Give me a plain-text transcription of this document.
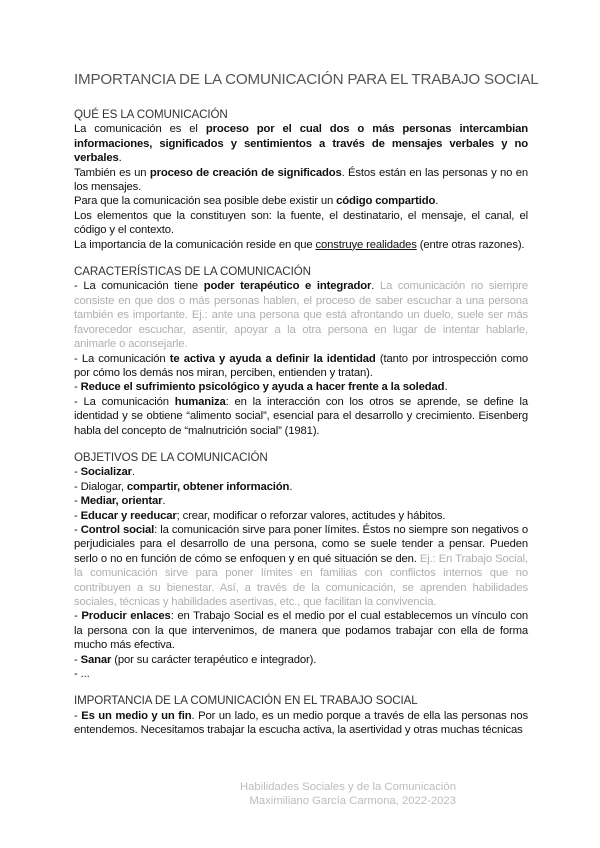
IMPORTANCIA DE LA COMUNICACIÓN PARA EL TRABAJO SOCIAL

QUÉ ES LA COMUNICACIÓN

La comunicación es el proceso por el cual dos o más personas intercambian informaciones, significados y sentimientos a través de mensajes verbales y no verbales.

También es un proceso de creación de significados. Éstos están en las personas y no en los mensajes.

Para que la comunicación sea posible debe existir un código compartido.

Los elementos que la constituyen son: la fuente, el destinatario, el mensaje, el canal, el código y el contexto.

La importancia de la comunicación reside en que construye realidades (entre otras razones).

CARACTERÍSTICAS DE LA COMUNICACIÓN

- La comunicación tiene poder terapéutico e integrador. La comunicación no siempre consiste en que dos o más personas hablen, el proceso de saber escuchar a una persona también es importante. Ej.: ante una persona que está afrontando un duelo, suele ser más favorecedor escuchar, asentir, apoyar a la otra persona en lugar de intentar hablarle, animarle o aconsejarle.

- La comunicación te activa y ayuda a definir la identidad (tanto por introspección como por cómo los demás nos miran, perciben, entienden y tratan).

- Reduce el sufrimiento psicológico y ayuda a hacer frente a la soledad.

- La comunicación humaniza: en la interacción con los otros se aprende, se define la identidad y se obtiene “alimento social”, esencial para el desarrollo y crecimiento. Eisenberg habla del concepto de “malnutrición social” (1981).

OBJETIVOS DE LA COMUNICACIÓN

- Socializar.

- Dialogar, compartir, obtener información.

- Mediar, orientar.

- Educar y reeducar; crear, modificar o reforzar valores, actitudes y hábitos.

- Control social: la comunicación sirve para poner límites. Éstos no siempre son negativos o perjudiciales para el desarrollo de una persona, como se suele tender a pensar. Pueden serlo o no en función de cómo se enfoquen y en qué situación se den. Ej.: En Trabajo Social, la comunicación sirve para poner límites en familias con conflictos internos que no contribuyen a su bienestar. Así, a través de la comunicación, se aprenden habilidades sociales, técnicas y habilidades asertivas, etc., que facilitan la convivencia.

- Producir enlaces: en Trabajo Social es el medio por el cual establecemos un vínculo con la persona con la que intervenimos, de manera que podamos trabajar con ella de forma mucho más efectiva.

- Sanar (por su carácter terapéutico e integrador).

- ...

IMPORTANCIA DE LA COMUNICACIÓN EN EL TRABAJO SOCIAL

- Es un medio y un fin. Por un lado, es un medio porque a través de ella las personas nos entendemos. Necesitamos trabajar la escucha activa, la asertividad y otras muchas técnicas

Habilidades Sociales y de la Comunicación
Maximiliano García Carmona, 2022-2023
